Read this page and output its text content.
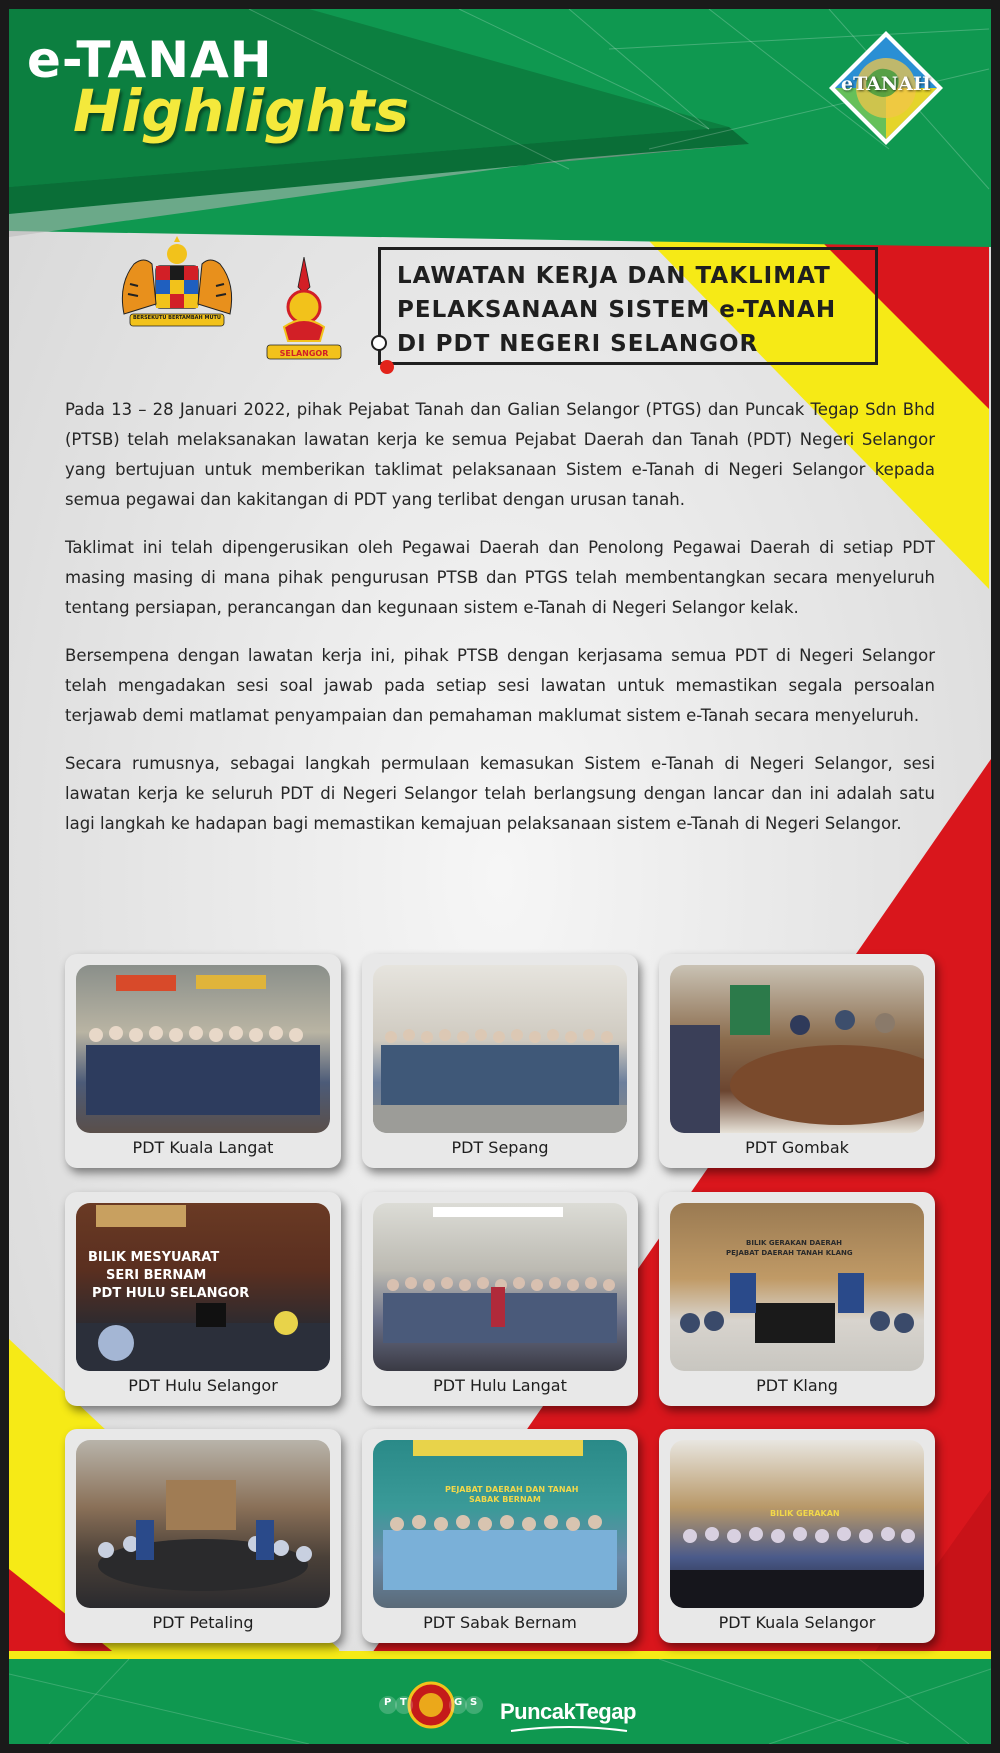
e-TANAH
Highlights	eTANAH
BERSEKUTU BERTAMBAH MUTU
SELANGOR
LAWATAN KERJA DAN TAKLIMAT
PELAKSANAAN SISTEM e-TANAH
DI PDT NEGERI SELANGOR

Pada 13 – 28 Januari 2022, pihak Pejabat Tanah dan Galian Selangor (PTGS) dan Puncak Tegap Sdn Bhd (PTSB) telah melaksanakan lawatan kerja ke semua Pejabat Daerah dan Tanah (PDT) Negeri Selangor yang bertujuan untuk memberikan taklimat pelaksanaan Sistem e-Tanah di Negeri Selangor kepada semua pegawai dan kakitangan di PDT yang terlibat dengan urusan tanah.

Taklimat ini telah dipengerusikan oleh Pegawai Daerah dan Penolong Pegawai Daerah di setiap PDT masing masing di mana pihak pengurusan PTSB dan PTGS telah membentangkan secara menyeluruh tentang persiapan, perancangan dan kegunaan sistem e-Tanah di Negeri Selangor kelak.

Bersempena dengan lawatan kerja ini, pihak PTSB dengan kerjasama semua PDT di Negeri Selangor telah mengadakan sesi soal jawab pada setiap sesi lawatan untuk memastikan segala persoalan terjawab demi matlamat penyampaian dan pemahaman maklumat sistem e-Tanah secara menyeluruh.

Secara rumusnya, sebagai langkah permulaan kemasukan Sistem e-Tanah di Negeri Selangor, sesi lawatan kerja ke seluruh PDT di Negeri Selangor telah berlangsung dengan lancar dan ini adalah satu lagi langkah ke hadapan bagi memastikan kemajuan pelaksanaan sistem e-Tanah di Negeri Selangor.

PDT Kuala Langat	PDT Sepang	PDT Gombak
BILIK MESYUARAT
SERI BERNAM
PDT HULU SELANGOR
PDT Hulu Selangor	PDT Hulu Langat
BILIK GERAKAN DAERAH
PEJABAT DAERAH TANAH KLANG
PDT Klang
PDT Petaling
PEJABAT DAERAH DAN TANAH
SABAK BERNAM
PDT Sabak Bernam
BILIK GERAKAN
PDT Kuala Selangor
P T	G S PuncakTegap
